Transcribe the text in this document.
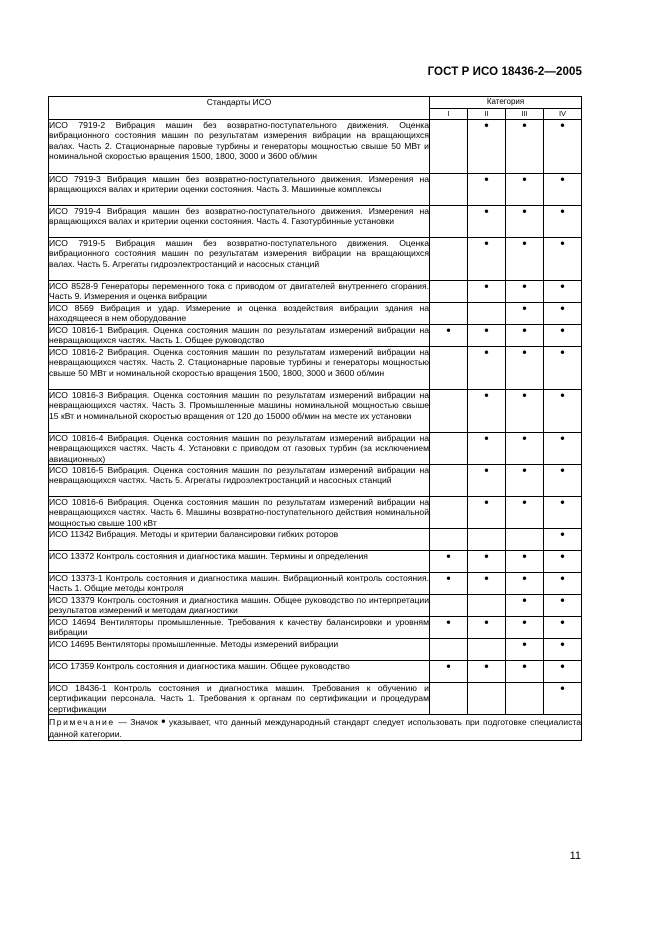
ГОСТ Р ИСО 18436-2—2005
Стандарты ИСО	Категория			
	I	II	III	IV
ИСО 7919-2 Вибрация машин без возвратно-поступательного движения. Оценка вибрационного состояния машин по результатам измерения вибрации на вращающихся валах. Часть 2. Стационарные паровые турбины и генераторы мощностью свыше 50 МВт и номинальной скоростью вращения 1500, 1800, 3000 и 3600 об/мин		•	•	•
ИСО 7919-3 Вибрация машин без возвратно-поступательного движения. Измерения на вращающихся валах и критерии оценки состояния. Часть 3. Машинные комплексы		•	•	•
ИСО 7919-4 Вибрация машин без возвратно-поступательного движения. Измерения на вращающихся валах и критерии оценки состояния. Часть 4. Газотурбинные установки		•	•	•
ИСО 7919-5 Вибрация машин без возвратно-поступательного движения. Оценка вибрационного состояния машин по результатам измерения вибрации на вращающихся валах. Часть 5. Агрегаты гидроэлектростанций и насосных станций		•	•	•
ИСО 8528-9 Генераторы переменного тока с приводом от двигателей внутреннего сгорания. Часть 9. Измерения и оценка вибрации		•	•	•
ИСО 8569 Вибрация и удар. Измерение и оценка воздействия вибрации здания на находящееся в нем оборудование			•	•
ИСО 10816-1 Вибрация. Оценка состояния машин по результатам измерений вибрации на невращающихся частях. Часть 1. Общее руководство	•	•	•	•
ИСО 10816-2 Вибрация. Оценка состояния машин по результатам измерений вибрации на невращающихся частях. Часть 2. Стационарные паровые турбины и генераторы мощностью свыше 50 МВт и номинальной скоростью вращения 1500, 1800, 3000 и 3600 об/мин		•	•	•
ИСО 10816-3 Вибрация. Оценка состояния машин по результатам измерений вибрации на невращающихся частях. Часть 3. Промышленные машины номинальной мощностью свыше 15 кВт и номинальной скоростью вращения от 120 до 15000 об/мин на месте их установки		•	•	•
ИСО 10816-4 Вибрация. Оценка состояния машин по результатам измерений вибрации на невращающихся частях. Часть 4. Установки с приводом от газовых турбин (за исключением авиационных)		•	•	•
ИСО 10816-5 Вибрация. Оценка состояния машин по результатам измерений вибрации на невращающихся частях. Часть 5. Агрегаты гидроэлектростанций и насосных станций		•	•	•
ИСО 10816-6 Вибрация. Оценка состояния машин по результатам измерений вибрации на невращающихся частях. Часть 6. Машины возвратно-поступательного действия номинальной мощностью свыше 100 кВт		•	•	•
ИСО 11342 Вибрация. Методы и критерии балансировки гибких роторов				•
ИСО 13372 Контроль состояния и диагностика машин. Термины и определения	•	•	•	•
ИСО 13373-1 Контроль состояния и диагностика машин. Вибрационный контроль состояния. Часть 1. Общие методы контроля	•	•	•	•
ИСО 13379 Контроль состояния и диагностика машин. Общее руководство по интерпретации результатов измерений и методам диагностики			•	•
ИСО 14694 Вентиляторы промышленные. Требования к качеству балансировки и уровням вибрации	•	•	•	•
ИСО 14695 Вентиляторы промышленные. Методы измерений вибрации			•	•
ИСО 17359 Контроль состояния и диагностика машин. Общее руководство	•	•	•	•
ИСО 18436-1 Контроль состояния и диагностика машин. Требования к обучению и сертификации персонала. Часть 1. Требования к органам по сертификации и процедурам сертификации				•
Примечание — Значок • указывает, что данный международный стандарт следует использовать при подготовке специалиста данной категории.				
11
